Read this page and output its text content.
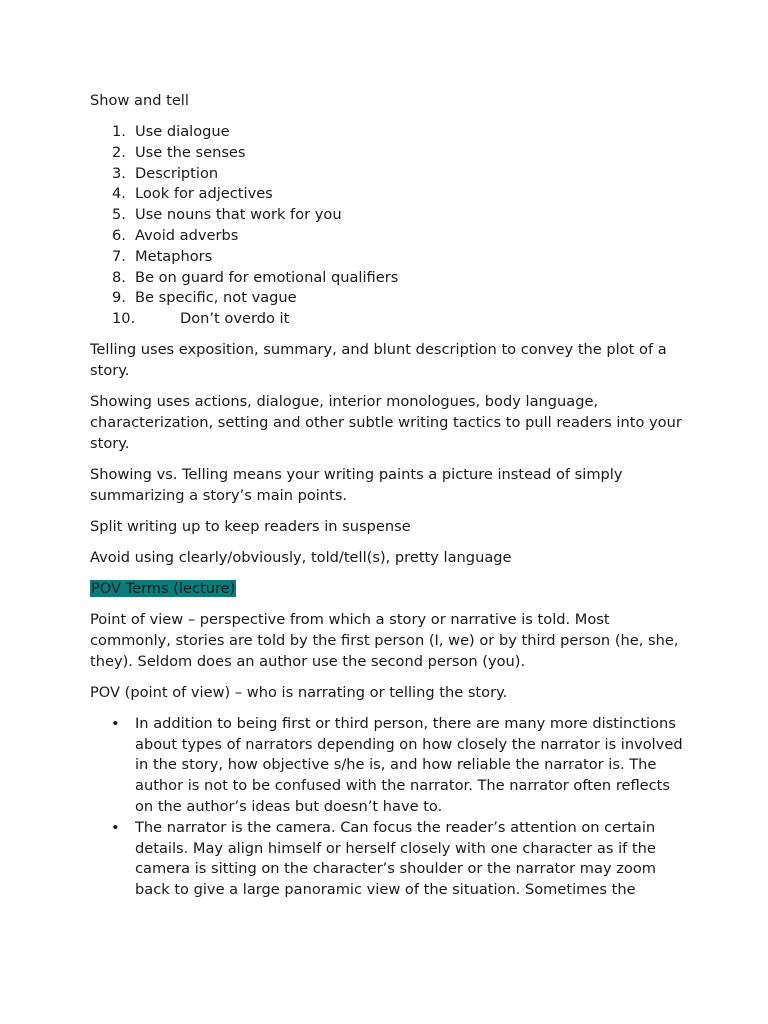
Show and tell

1. Use dialogue
2. Use the senses
3. Description
4. Look for adjectives
5. Use nouns that work for you
6. Avoid adverbs
7. Metaphors
8. Be on guard for emotional qualifiers
9. Be specific, not vague
10.	Don’t overdo it

Telling uses exposition, summary, and blunt description to convey the plot of a story.

Showing uses actions, dialogue, interior monologues, body language, characterization, setting and other subtle writing tactics to pull readers into your story.

Showing vs. Telling means your writing paints a picture instead of simply summarizing a story’s main points.

Split writing up to keep readers in suspense

Avoid using clearly/obviously, told/tell(s), pretty language

POV Terms (lecture)

Point of view – perspective from which a story or narrative is told. Most commonly, stories are told by the first person (I, we) or by third person (he, she, they). Seldom does an author use the second person (you).

POV (point of view) – who is narrating or telling the story.

• In addition to being first or third person, there are many more distinctions about types of narrators depending on how closely the narrator is involved in the story, how objective s/he is, and how reliable the narrator is. The author is not to be confused with the narrator. The narrator often reflects on the author’s ideas but doesn’t have to.
• The narrator is the camera. Can focus the reader’s attention on certain details. May align himself or herself closely with one character as if the camera is sitting on the character’s shoulder or the narrator may zoom back to give a large panoramic view of the situation. Sometimes the
